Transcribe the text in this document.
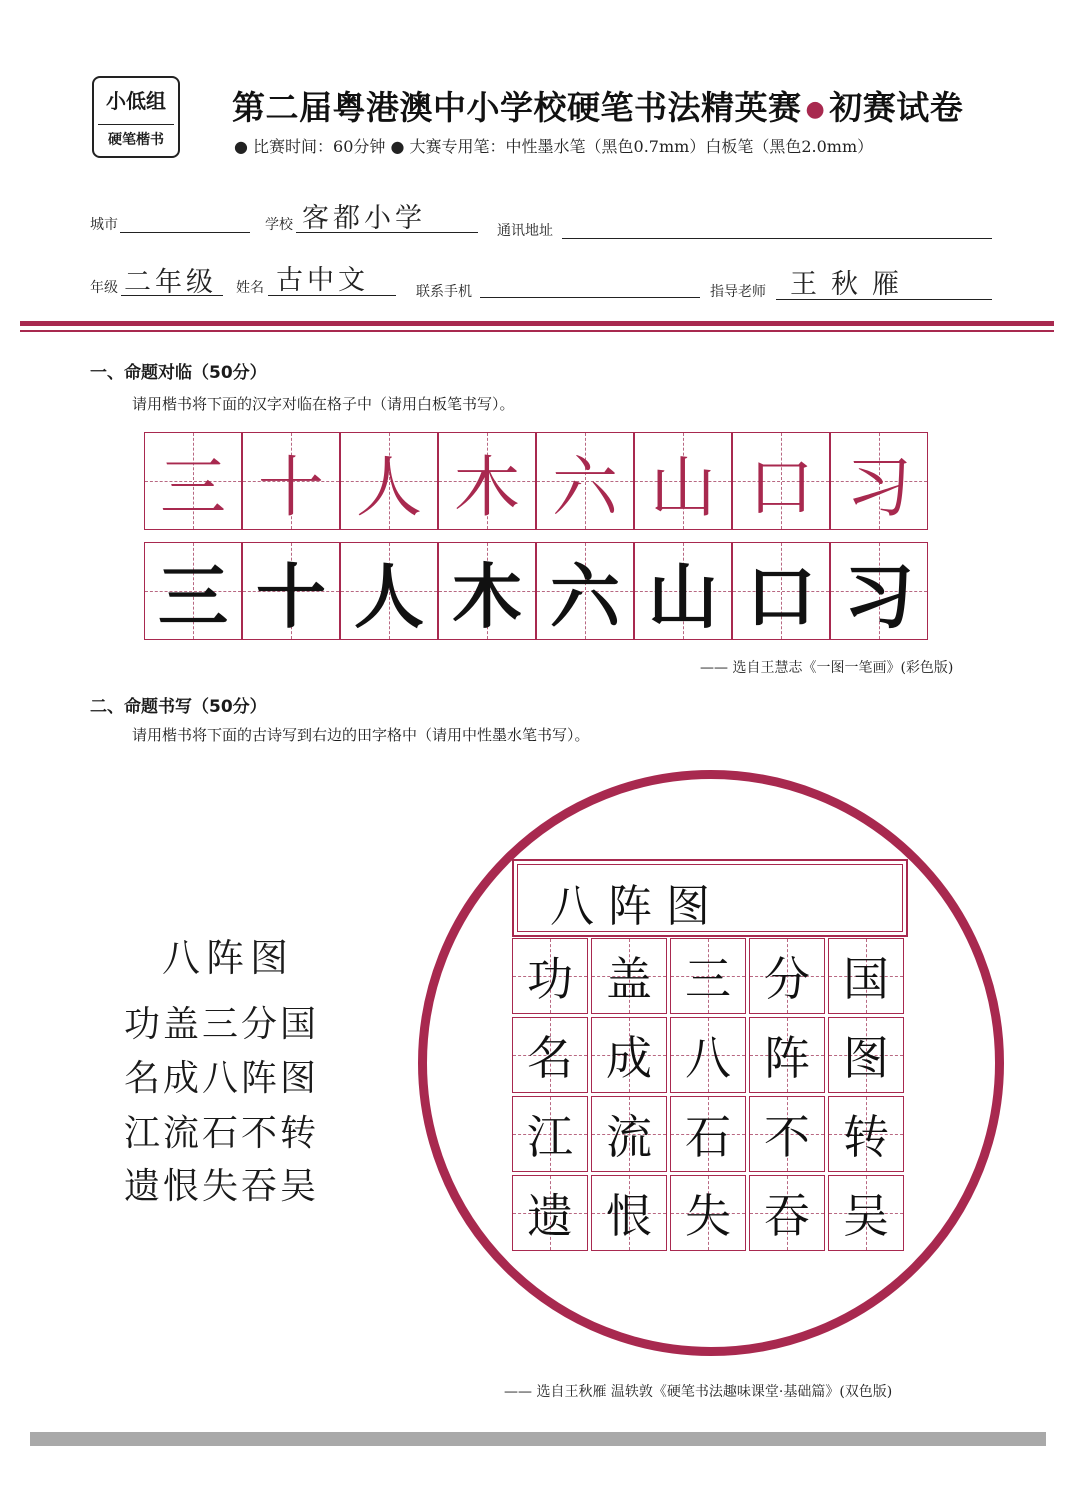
小低组
硬笔楷书
第二届粤港澳中小学校硬笔书法精英赛 ● 初赛试卷
● 比赛时间：60分钟 ● 大赛专用笔：中性墨水笔（黑色0.7mm）白板笔（黑色2.0mm）
城市	学校 客都小学	通讯地址
年级 二年级 姓名 古中文	联系手机	指导老师 王秋雁
一、命题对临（50分）
请用楷书将下面的汉字对临在格子中（请用白板笔书写）。
三 十 人 木 六 山 口 习
三 十 人 木 六 山 口 习
—— 选自王慧志《一图一笔画》(彩色版)
二、命题书写（50分）
请用楷书将下面的古诗写到右边的田字格中（请用中性墨水笔书写）。
八阵图
功盖三分国
名成八阵图
江流石不转
遗恨失吞吴
八阵图
功 盖 三 分 国
名 成 八 阵 图
江 流 石 不 转
遗 恨 失 吞 吴
—— 选自王秋雁 温轶敦《硬笔书法趣味课堂·基础篇》(双色版)
